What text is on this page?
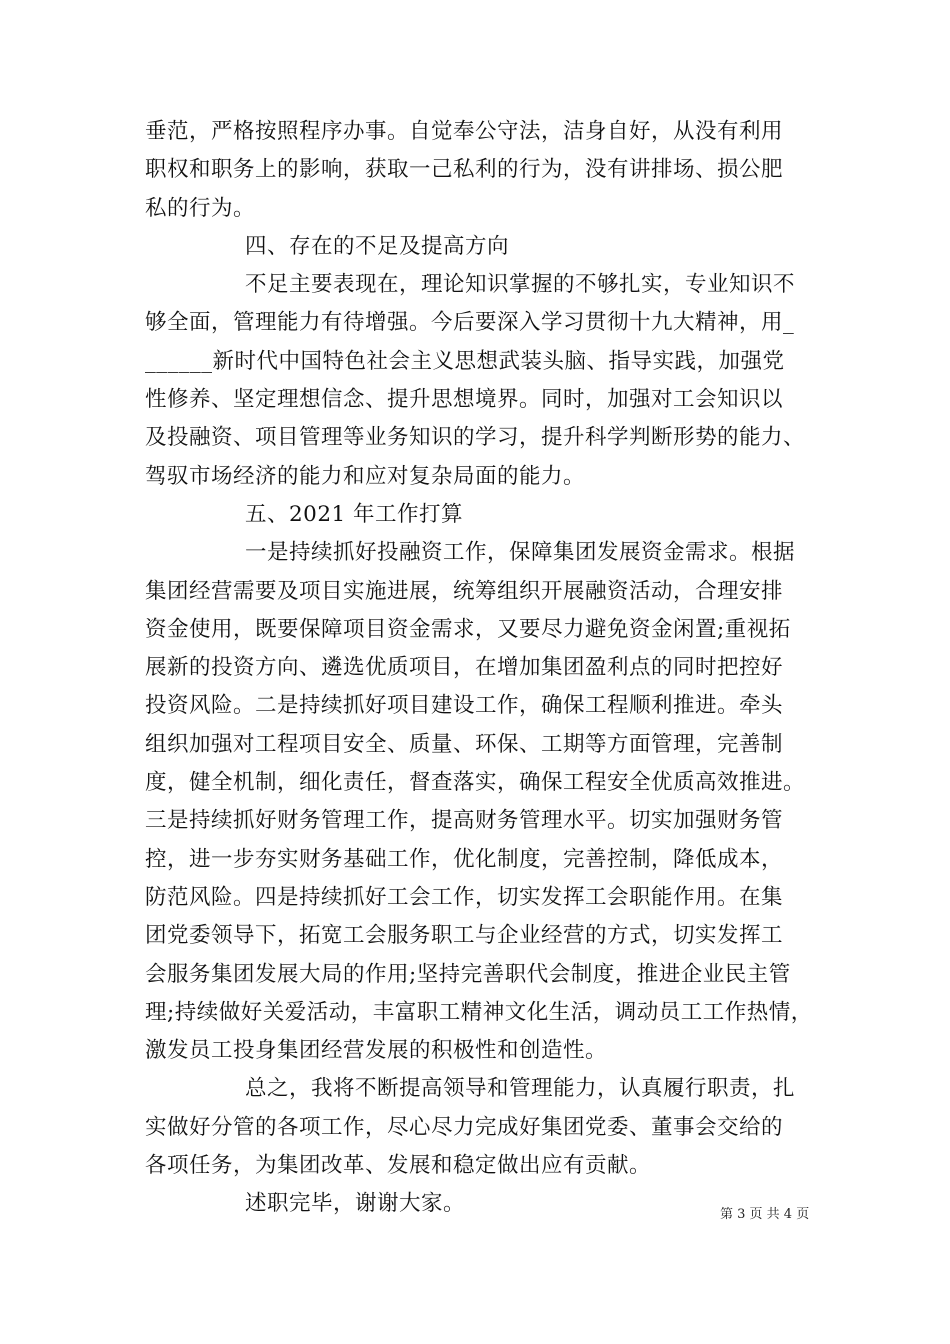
垂范，严格按照程序办事。自觉奉公守法，洁身自好，从没有利用
职权和职务上的影响，获取一己私利的行为，没有讲排场、损公肥
私的行为。
四、存在的不足及提高方向
不足主要表现在，理论知识掌握的不够扎实，专业知识不
够全面，管理能力有待增强。今后要深入学习贯彻十九大精神，用_
______新时代中国特色社会主义思想武装头脑、指导实践，加强党
性修养、坚定理想信念、提升思想境界。同时，加强对工会知识以
及投融资、项目管理等业务知识的学习，提升科学判断形势的能力、
驾驭市场经济的能力和应对复杂局面的能力。
五、2021 年工作打算
一是持续抓好投融资工作，保障集团发展资金需求。根据
集团经营需要及项目实施进展，统筹组织开展融资活动，合理安排
资金使用，既要保障项目资金需求，又要尽力避免资金闲置;重视拓
展新的投资方向、遴选优质项目，在增加集团盈利点的同时把控好
投资风险。二是持续抓好项目建设工作，确保工程顺利推进。牵头
组织加强对工程项目安全、质量、环保、工期等方面管理，完善制
度，健全机制，细化责任，督查落实，确保工程安全优质高效推进。
三是持续抓好财务管理工作，提高财务管理水平。切实加强财务管
控，进一步夯实财务基础工作，优化制度，完善控制，降低成本，
防范风险。四是持续抓好工会工作，切实发挥工会职能作用。在集
团党委领导下，拓宽工会服务职工与企业经营的方式，切实发挥工
会服务集团发展大局的作用;坚持完善职代会制度，推进企业民主管
理;持续做好关爱活动，丰富职工精神文化生活，调动员工工作热情，
激发员工投身集团经营发展的积极性和创造性。
总之，我将不断提高领导和管理能力，认真履行职责，扎
实做好分管的各项工作，尽心尽力完成好集团党委、董事会交给的
各项任务，为集团改革、发展和稳定做出应有贡献。
述职完毕，谢谢大家。	第 3 页 共 4 页
